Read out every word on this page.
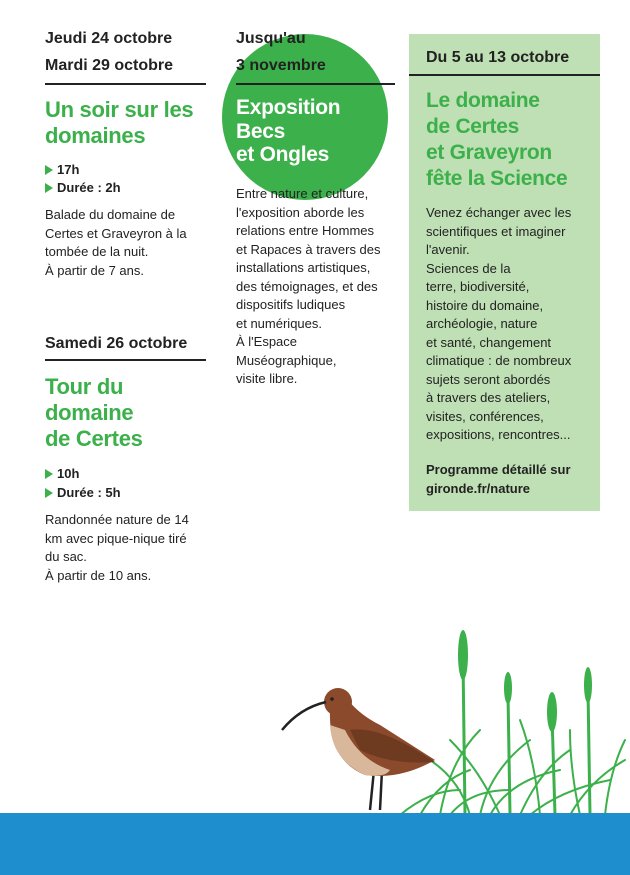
Jeudi 24 octobre
Mardi 29 octobre
Un soir sur les
domaines
17h
Durée : 2h
Balade du domaine de
Certes et Graveyron à la
tombée de la nuit.
À partir de 7 ans.
Samedi 26 octobre
Tour du
domaine
de Certes
10h
Durée : 5h
Randonnée nature de 14
km avec pique-nique tiré
du sac.
À partir de 10 ans.
Jusqu'au
3 novembre
Exposition
Becs
et Ongles
Entre nature et culture,
l'exposition aborde les
relations entre Hommes
et Rapaces à travers des
installations artistiques,
des témoignages, et des
dispositifs ludiques
et numériques.
À l'Espace
Muséographique,
visite libre.
Du 5 au 13 octobre
Le domaine
de Certes
et Graveyron
fête la Science
Venez échanger avec les
scientifiques et imaginer
l'avenir.
Sciences de la
terre, biodiversité,
histoire du domaine,
archéologie, nature
et santé, changement
climatique : de nombreux
sujets seront abordés
à travers des ateliers,
visites, conférences,
expositions, rencontres...
Programme détaillé sur
gironde.fr/nature
